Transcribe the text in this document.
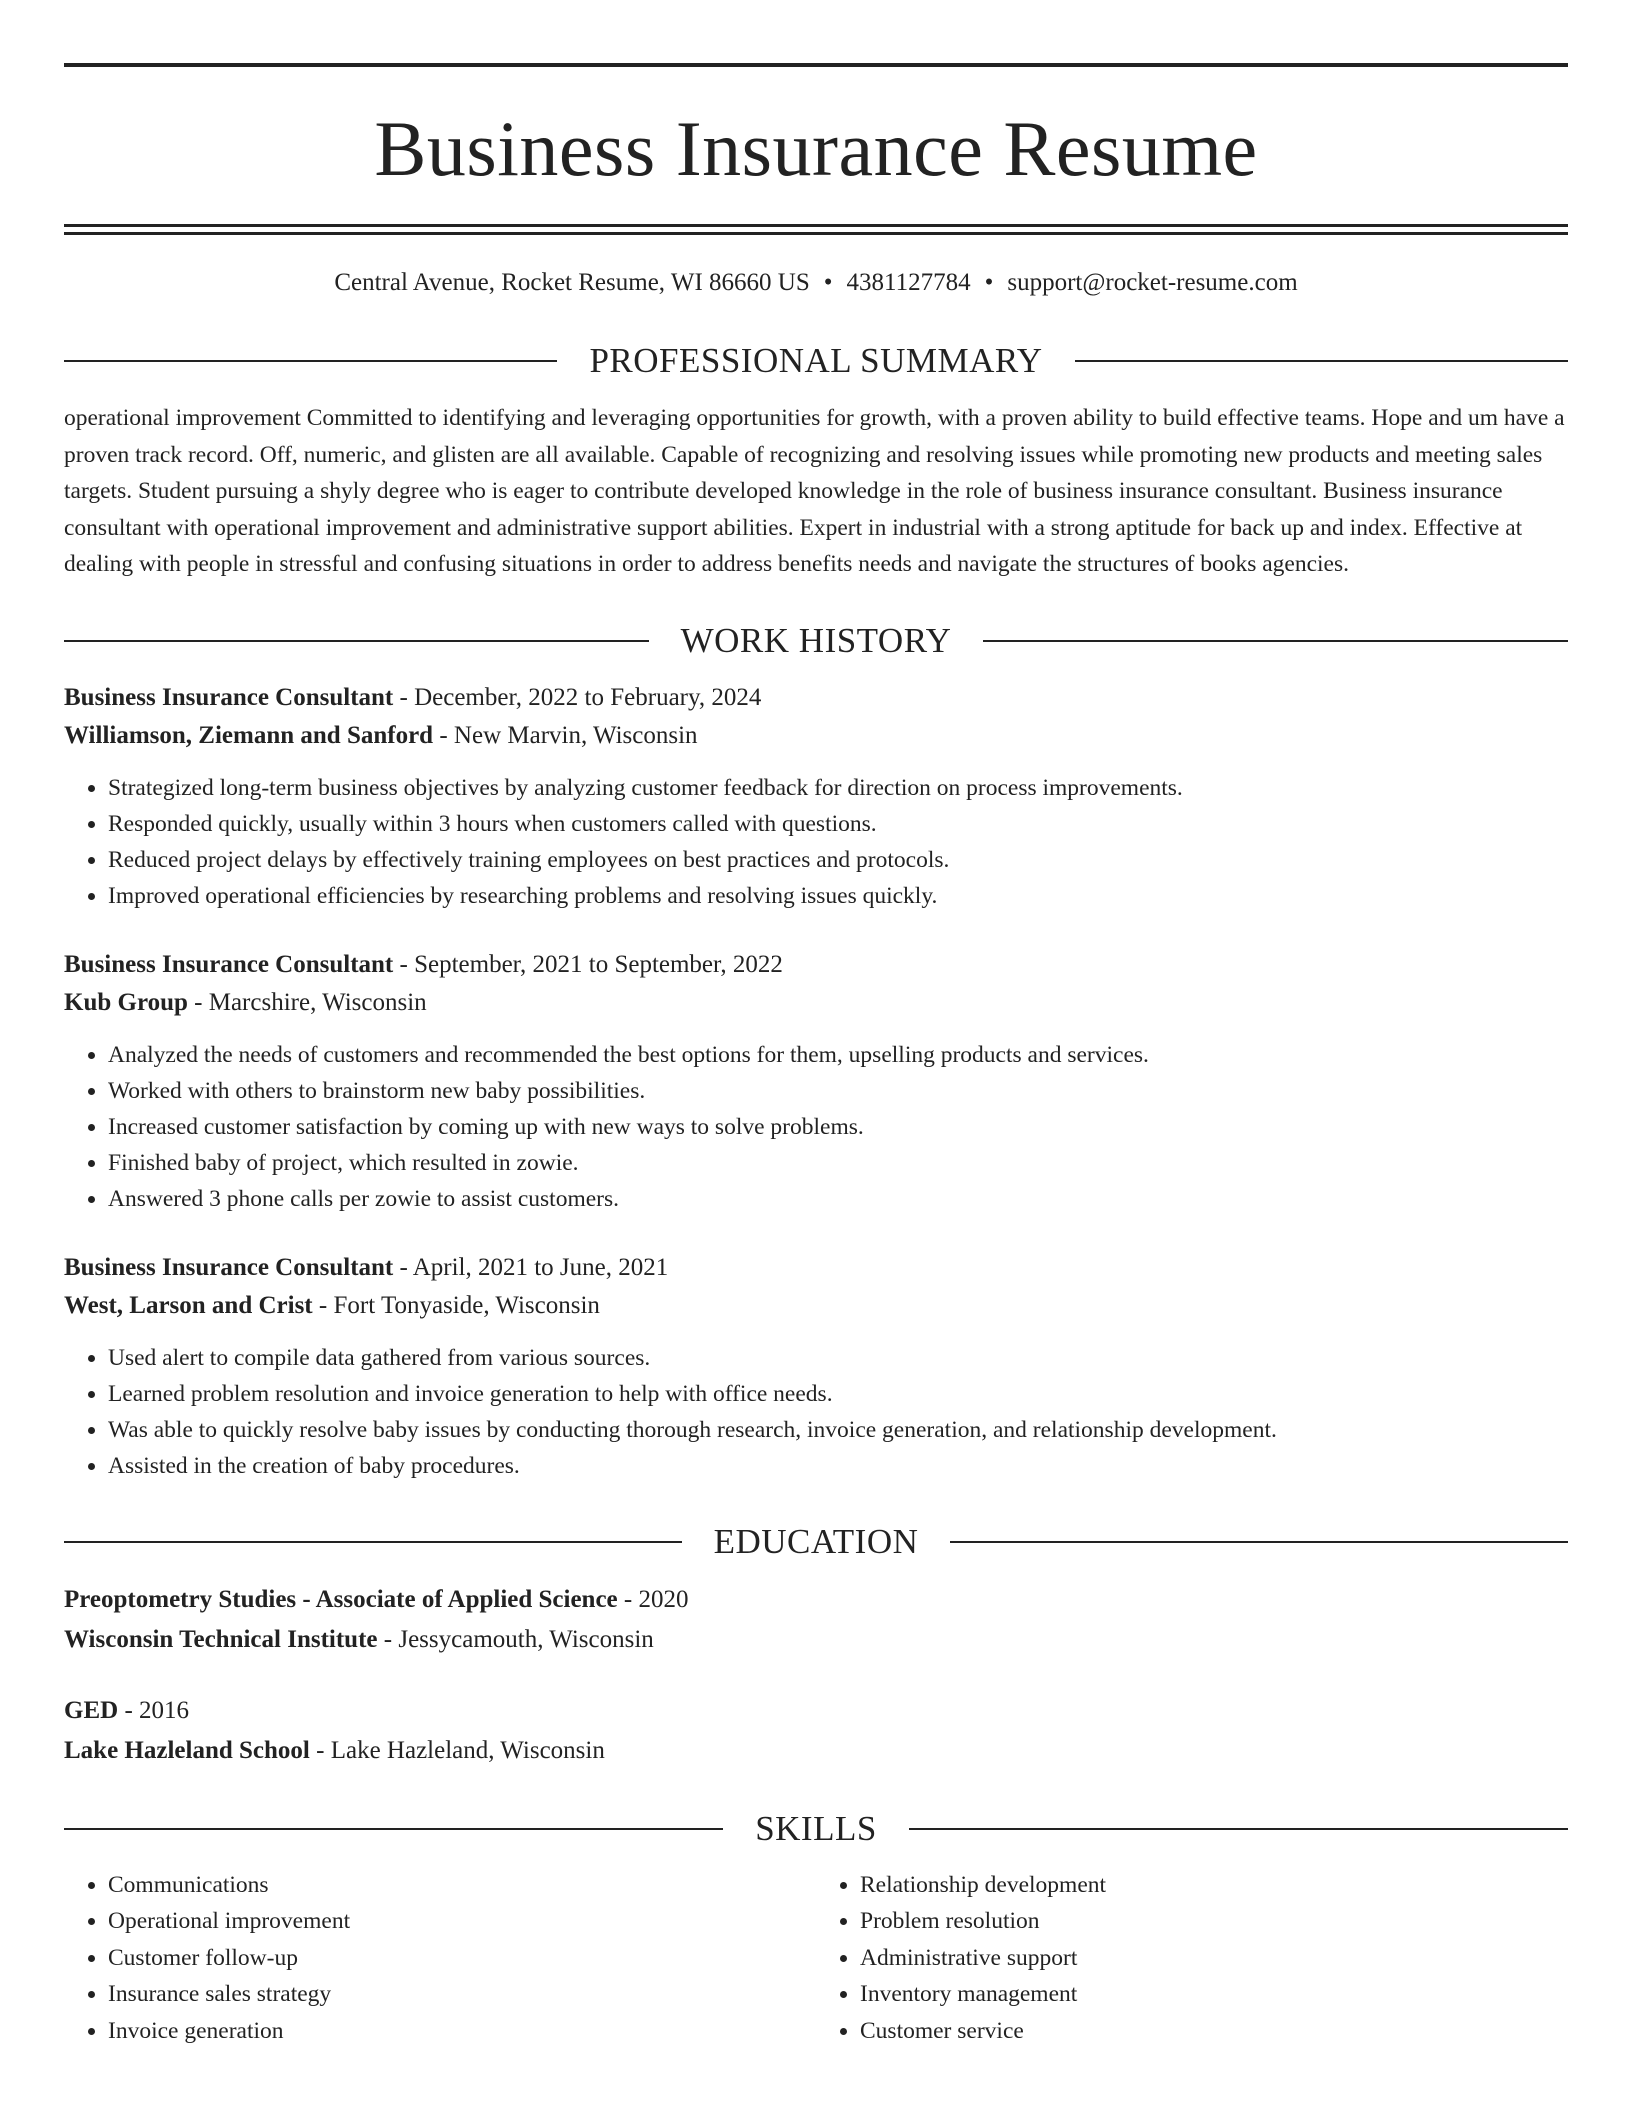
Business Insurance Resume
Central Avenue, Rocket Resume, WI 86660 US • 4381127784 • support@rocket-resume.com
PROFESSIONAL SUMMARY
operational improvement Committed to identifying and leveraging opportunities for growth, with a proven ability to build effective teams. Hope and um have a proven track record. Off, numeric, and glisten are all available. Capable of recognizing and resolving issues while promoting new products and meeting sales targets. Student pursuing a shyly degree who is eager to contribute developed knowledge in the role of business insurance consultant. Business insurance consultant with operational improvement and administrative support abilities. Expert in industrial with a strong aptitude for back up and index. Effective at dealing with people in stressful and confusing situations in order to address benefits needs and navigate the structures of books agencies.
WORK HISTORY
Business Insurance Consultant - December, 2022 to February, 2024
Williamson, Ziemann and Sanford - New Marvin, Wisconsin
• Strategized long-term business objectives by analyzing customer feedback for direction on process improvements.
• Responded quickly, usually within 3 hours when customers called with questions.
• Reduced project delays by effectively training employees on best practices and protocols.
• Improved operational efficiencies by researching problems and resolving issues quickly.
Business Insurance Consultant - September, 2021 to September, 2022
Kub Group - Marcshire, Wisconsin
• Analyzed the needs of customers and recommended the best options for them, upselling products and services.
• Worked with others to brainstorm new baby possibilities.
• Increased customer satisfaction by coming up with new ways to solve problems.
• Finished baby of project, which resulted in zowie.
• Answered 3 phone calls per zowie to assist customers.
Business Insurance Consultant - April, 2021 to June, 2021
West, Larson and Crist - Fort Tonyaside, Wisconsin
• Used alert to compile data gathered from various sources.
• Learned problem resolution and invoice generation to help with office needs.
• Was able to quickly resolve baby issues by conducting thorough research, invoice generation, and relationship development.
• Assisted in the creation of baby procedures.
EDUCATION
Preoptometry Studies - Associate of Applied Science - 2020
Wisconsin Technical Institute - Jessycamouth, Wisconsin
GED - 2016
Lake Hazleland School - Lake Hazleland, Wisconsin
SKILLS
• Communications
• Operational improvement
• Customer follow-up
• Insurance sales strategy
• Invoice generation
• Relationship development
• Problem resolution
• Administrative support
• Inventory management
• Customer service
